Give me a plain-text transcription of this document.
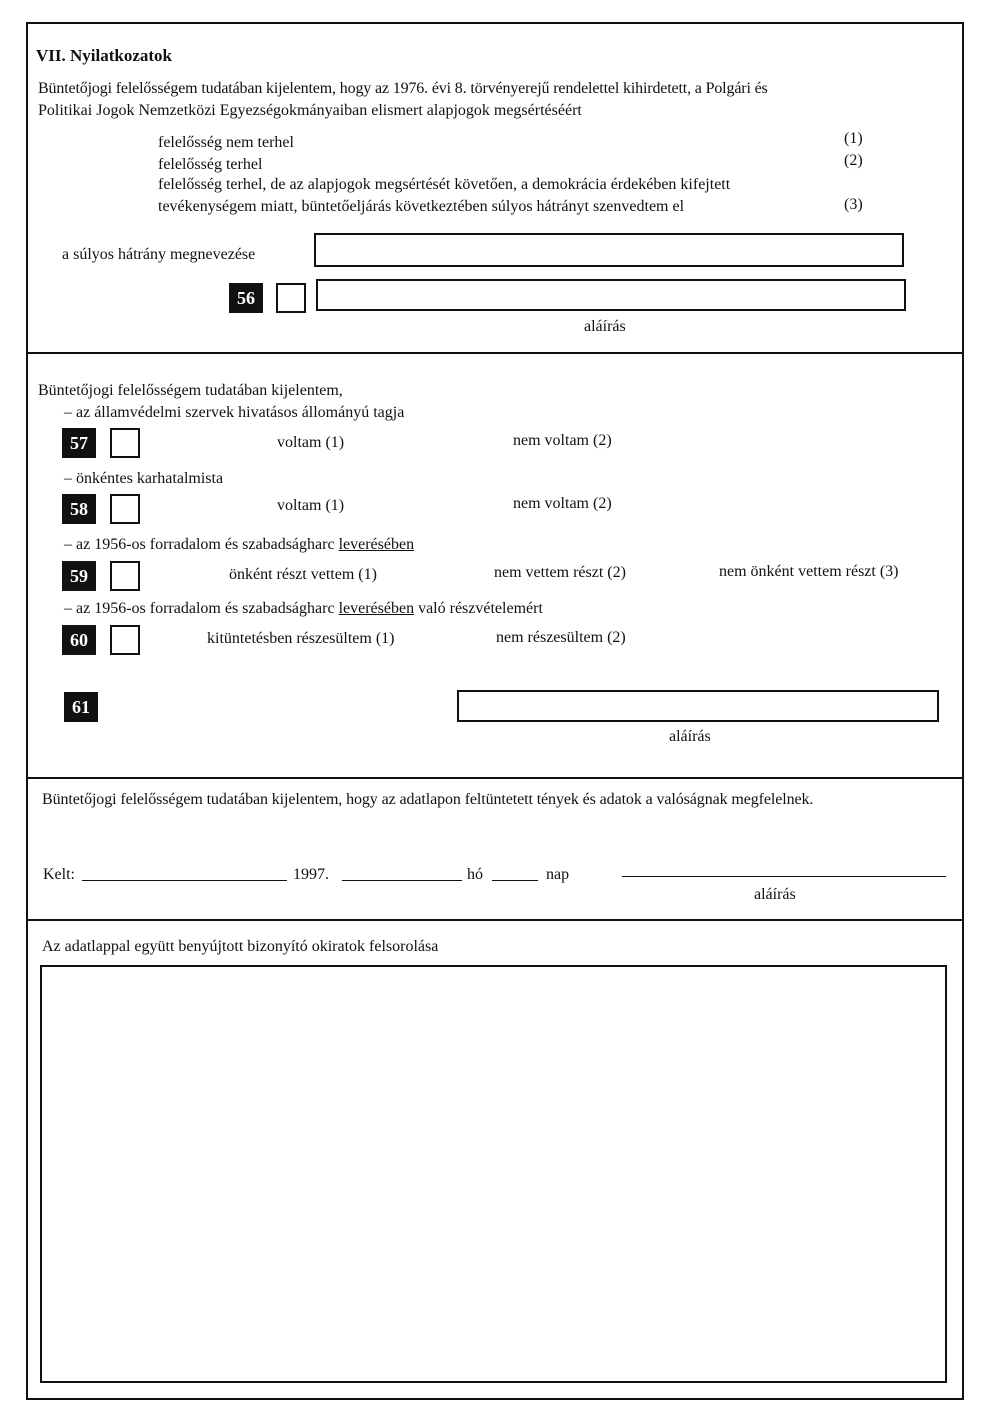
VII. Nyilatkozatok
Büntetőjogi felelősségem tudatában kijelentem, hogy az 1976. évi 8. törvényerejű rendelettel kihirdetett, a Polgári és
Politikai Jogok Nemzetközi Egyezségokmányaiban elismert alapjogok megsértéséért
felelősség nem terhel	(1)
felelősség terhel	(2)
felelősség terhel, de az alapjogok megsértését követően, a demokrácia érdekében kifejtett
tevékenységem miatt, büntetőeljárás következtében súlyos hátrányt szenvedtem el	(3)
a súlyos hátrány megnevezése
56
aláírás
Büntetőjogi felelősségem tudatában kijelentem,
– az államvédelmi szervek hivatásos állományú tagja
57	voltam (1)	nem voltam (2)
– önkéntes karhatalmista
58	voltam (1)	nem voltam (2)
– az 1956-os forradalom és szabadságharc leverésében
59	önként részt vettem (1)	nem vettem részt (2)	nem önként vettem részt (3)
– az 1956-os forradalom és szabadságharc leverésében való részvételemért
60	kitüntetésben részesültem (1)	nem részesültem (2)
61
aláírás
Büntetőjogi felelősségem tudatában kijelentem, hogy az adatlapon feltüntetett tények és adatok a valóságnak megfelelnek.
Kelt:	1997.	hó	nap
aláírás
Az adatlappal együtt benyújtott bizonyító okiratok felsorolása
